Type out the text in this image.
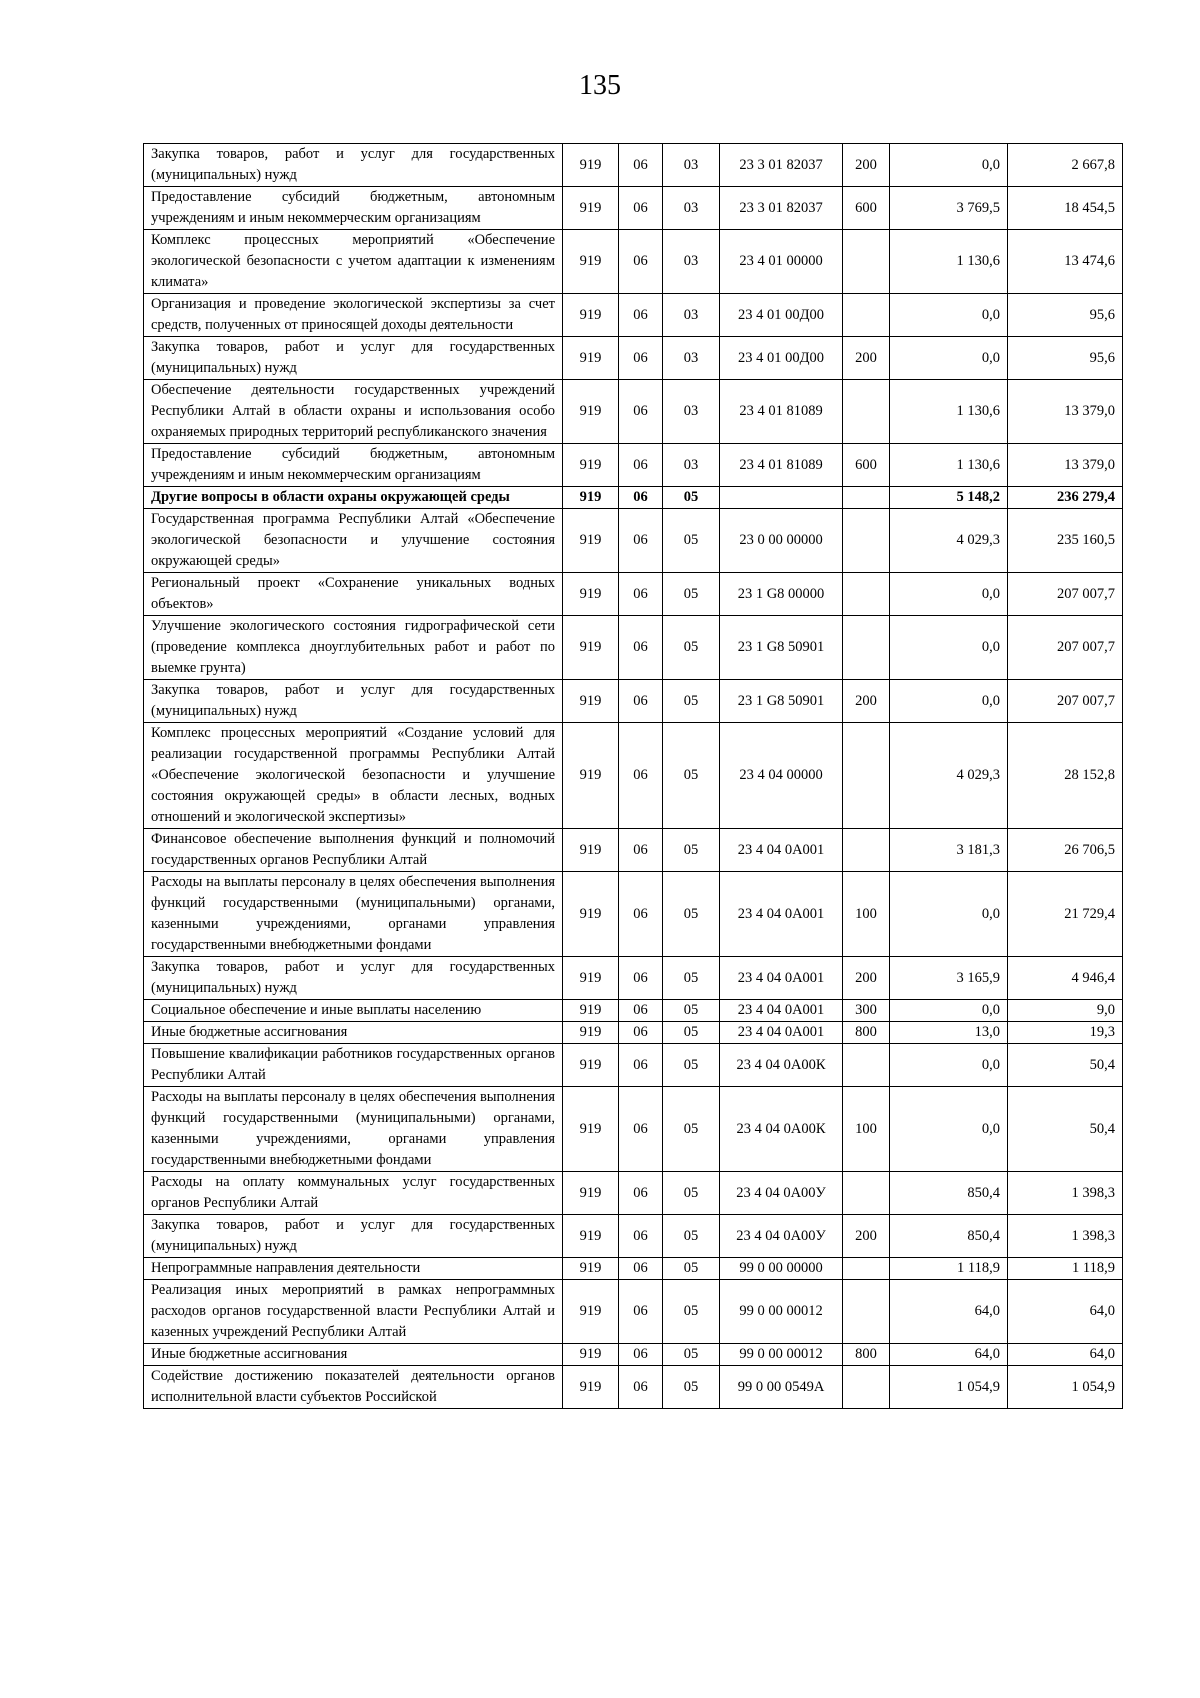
135
Закупка товаров, работ и услуг для государственных (муниципальных) нужд	919	06	03	23 3 01 82037	200	0,0	2 667,8
Предоставление субсидий бюджетным, автономным учреждениям и иным некоммерческим организациям	919	06	03	23 3 01 82037	600	3 769,5	18 454,5
Комплекс процессных мероприятий «Обеспечение экологической безопасности с учетом адаптации к изменениям климата»	919	06	03	23 4 01 00000		1 130,6	13 474,6
Организация и проведение экологической экспертизы за счет средств, полученных от приносящей доходы деятельности	919	06	03	23 4 01 00Д00		0,0	95,6
Закупка товаров, работ и услуг для государственных (муниципальных) нужд	919	06	03	23 4 01 00Д00	200	0,0	95,6
Обеспечение деятельности государственных учреждений Республики Алтай в области охраны и использования особо охраняемых природных территорий республиканского значения	919	06	03	23 4 01 81089		1 130,6	13 379,0
Предоставление субсидий бюджетным, автономным учреждениям и иным некоммерческим организациям	919	06	03	23 4 01 81089	600	1 130,6	13 379,0
Другие вопросы в области охраны окружающей среды	919	06	05			5 148,2	236 279,4
Государственная программа Республики Алтай «Обеспечение экологической безопасности и улучшение состояния окружающей среды»	919	06	05	23 0 00 00000		4 029,3	235 160,5
Региональный проект «Сохранение уникальных водных объектов»	919	06	05	23 1 G8 00000		0,0	207 007,7
Улучшение экологического состояния гидрографической сети (проведение комплекса дноуглубительных работ и работ по выемке грунта)	919	06	05	23 1 G8 50901		0,0	207 007,7
Закупка товаров, работ и услуг для государственных (муниципальных) нужд	919	06	05	23 1 G8 50901	200	0,0	207 007,7
Комплекс процессных мероприятий «Создание условий для реализации государственной программы Республики Алтай «Обеспечение экологической безопасности и улучшение состояния окружающей среды» в области лесных, водных отношений и экологической экспертизы»	919	06	05	23 4 04 00000		4 029,3	28 152,8
Финансовое обеспечение выполнения функций и полномочий государственных органов Республики Алтай	919	06	05	23 4 04 0А001		3 181,3	26 706,5
Расходы на выплаты персоналу в целях обеспечения выполнения функций государственными (муниципальными) органами, казенными учреждениями, органами управления государственными внебюджетными фондами	919	06	05	23 4 04 0А001	100	0,0	21 729,4
Закупка товаров, работ и услуг для государственных (муниципальных) нужд	919	06	05	23 4 04 0А001	200	3 165,9	4 946,4
Социальное обеспечение и иные выплаты населению	919	06	05	23 4 04 0А001	300	0,0	9,0
Иные бюджетные ассигнования	919	06	05	23 4 04 0А001	800	13,0	19,3
Повышение квалификации работников государственных органов Республики Алтай	919	06	05	23 4 04 0А00К		0,0	50,4
Расходы на выплаты персоналу в целях обеспечения выполнения функций государственными (муниципальными) органами, казенными учреждениями, органами управления государственными внебюджетными фондами	919	06	05	23 4 04 0А00К	100	0,0	50,4
Расходы на оплату коммунальных услуг государственных органов Республики Алтай	919	06	05	23 4 04 0А00У		850,4	1 398,3
Закупка товаров, работ и услуг для государственных (муниципальных) нужд	919	06	05	23 4 04 0А00У	200	850,4	1 398,3
Непрограммные направления деятельности	919	06	05	99 0 00 00000		1 118,9	1 118,9
Реализация иных мероприятий в рамках непрограммных расходов органов государственной власти Республики Алтай и казенных учреждений Республики Алтай	919	06	05	99 0 00 00012		64,0	64,0
Иные бюджетные ассигнования	919	06	05	99 0 00 00012	800	64,0	64,0
Содействие достижению показателей деятельности органов исполнительной власти субъектов Российской	919	06	05	99 0 00 0549А		1 054,9	1 054,9
